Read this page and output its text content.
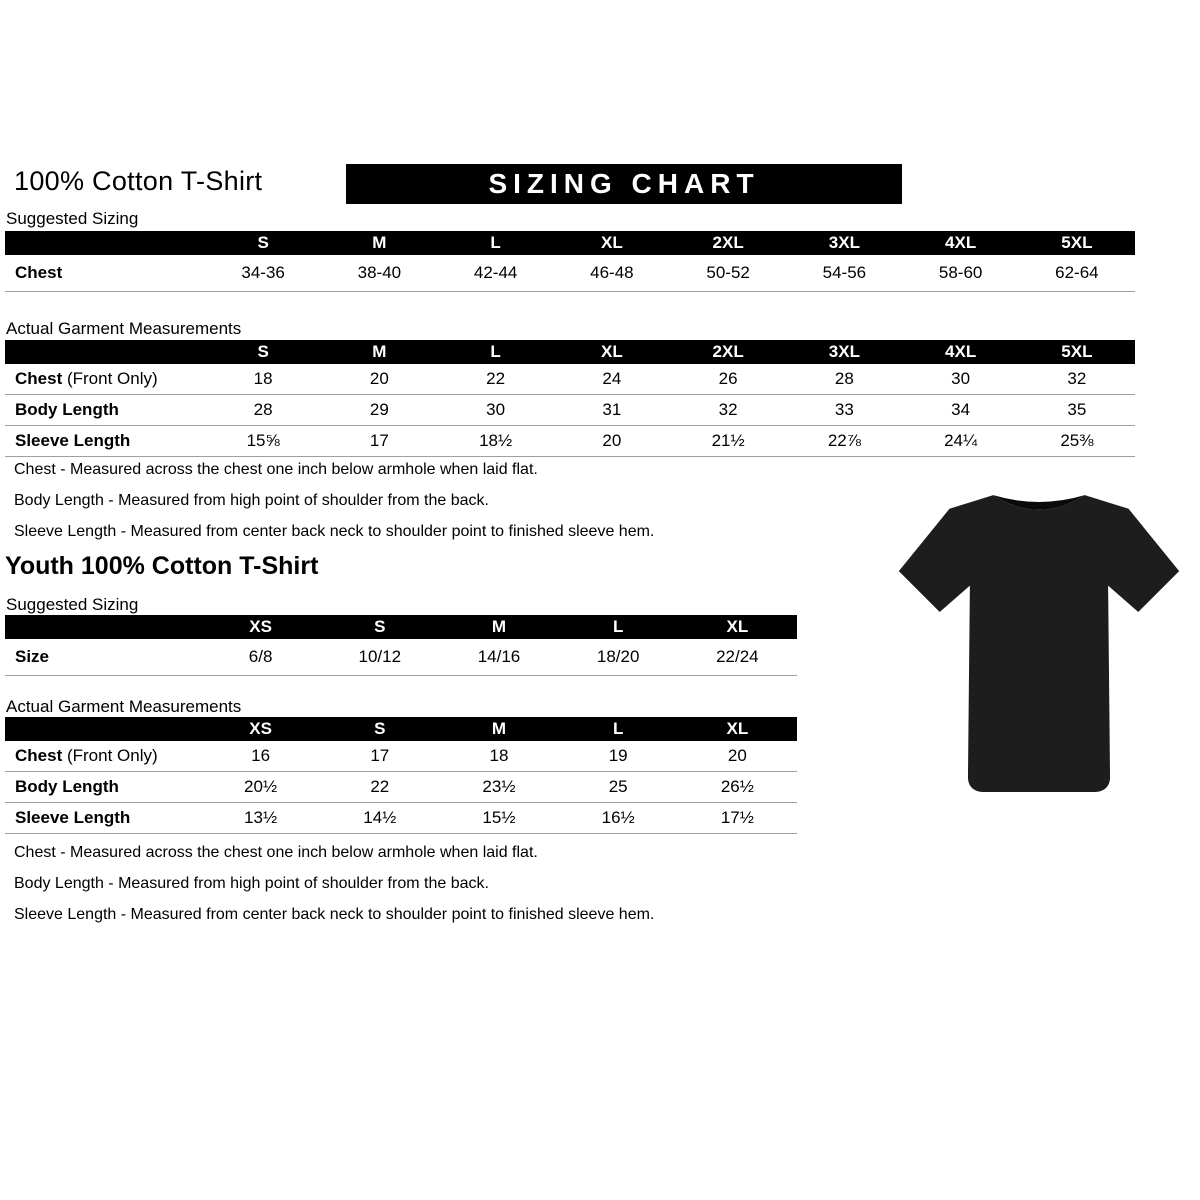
100% Cotton T-Shirt	SIZING CHART
Suggested Sizing
	S	M	L	XL	2XL	3XL	4XL	5XL
Chest	34-36	38-40	42-44	46-48	50-52	54-56	58-60	62-64
Actual Garment Measurements
	S	M	L	XL	2XL	3XL	4XL	5XL
Chest (Front Only)	18	20	22	24	26	28	30	32
Body Length	28	29	30	31	32	33	34	35
Sleeve Length	15⅝	17	18½	20	21½	22⅞	24¼	25⅜
Chest - Measured across the chest one inch below armhole when laid flat.
Body Length - Measured from high point of shoulder from the back.
Sleeve Length - Measured from center back neck to shoulder point to finished sleeve hem.
Youth 100% Cotton T-Shirt
Suggested Sizing
	XS	S	M	L	XL
Size	6/8	10/12	14/16	18/20	22/24
Actual Garment Measurements
	XS	S	M	L	XL
Chest (Front Only)	16	17	18	19	20
Body Length	20½	22	23½	25	26½
Sleeve Length	13½	14½	15½	16½	17½
Chest - Measured across the chest one inch below armhole when laid flat.
Body Length - Measured from high point of shoulder from the back.
Sleeve Length - Measured from center back neck to shoulder point to finished sleeve hem.
